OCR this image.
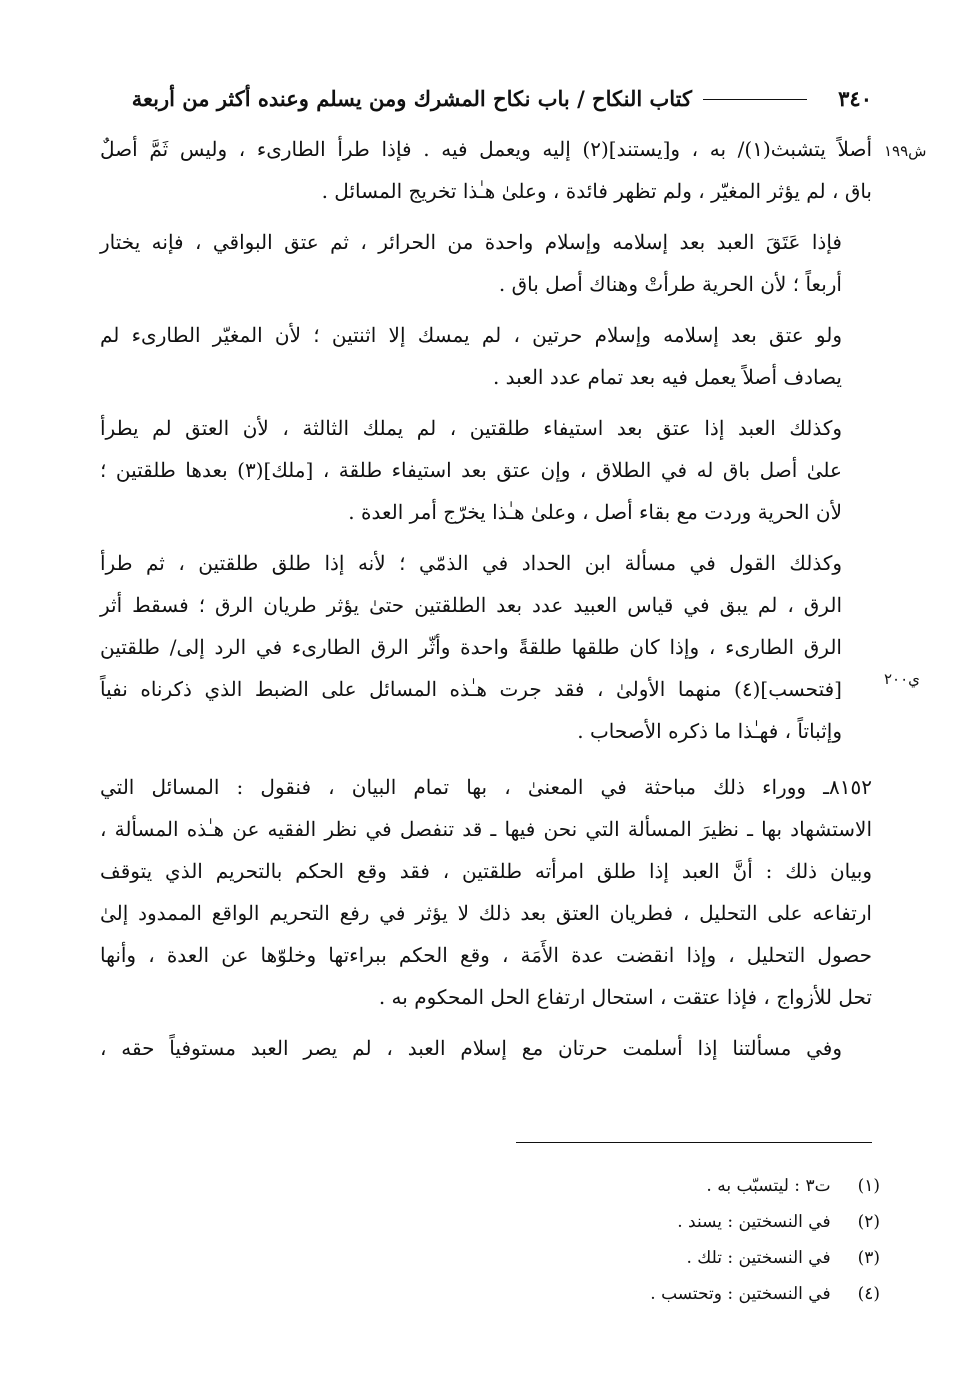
٣٤٠
كتاب النكاح / باب نكاح المشرك ومن يسلم وعنده أكثر من أربعة
ش١٩٩
ي٢٠٠

أصلاً يتشبث(١)/ به ، و[يستند](٢) إليه ويعمل فيه . فإذا طرأ الطارىء ، وليس ثَمَّ أصلٌ
باق ، لم يؤثر المغيّر ، ولم تظهر فائدة ، وعلىٰ هـٰذا تخريج المسائل .

فإذا عَتَقَ العبد بعد إسلامه وإسلام واحدة من الحرائر ، ثم عتق البواقي ، فإنه يختار
أربعاً ؛ لأن الحرية طرأتْ وهناك أصل باق .

ولو عتق بعد إسلامه وإسلام حرتين ، لم يمسك إلا اثنتين ؛ لأن المغيّر الطارىء لم
يصادف أصلاً يعمل فيه بعد تمام عدد العبد .

وكذلك العبد إذا عتق بعد استيفاء طلقتين ، لم يملك الثالثة ، لأن العتق لم يطرأ
علىٰ أصل باق له في الطلاق ، وإن عتق بعد استيفاء طلقة ، [ملك](٣) بعدها طلقتين ؛
لأن الحرية وردت مع بقاء أصل ، وعلىٰ هـٰذا يخرّج أمر العدة .

وكذلك القول في مسألة ابن الحداد في الذمّي ؛ لأنه إذا طلق طلقتين ، ثم طرأ
الرق ، لم يبق في قياس العبيد عدد بعد الطلقتين حتىٰ يؤثر طريان الرق ؛ فسقط أثر
الرق الطارىء ، وإذا كان طلقها طلقةً واحدة وأثّر الرق الطارىء في الرد إلى/ طلقتين
[فتحسب](٤) منهما الأولىٰ ، فقد جرت هـٰذه المسائل على الضبط الذي ذكرناه نفياً
وإثباتاً ، فهـٰذا ما ذكره الأصحاب .

٨١٥٢ـ ووراء ذلك مباحثة في المعنىٰ ، بها تمام البيان ، فنقول : المسائل التي
الاستشهاد بها ـ نظيرَ المسألة التي نحن فيها ـ قد تنفصل في نظر الفقيه عن هـٰذه المسألة ،
وبيان ذلك : أنَّ العبد إذا طلق امرأته طلقتين ، فقد وقع الحكم بالتحريم الذي يتوقف
ارتفاعه على التحليل ، فطريان العتق بعد ذلك لا يؤثر في رفع التحريم الواقع الممدود إلىٰ
حصول التحليل ، وإذا انقضت عدة الأَمَة ، وقع الحكم ببراءتها وخلوّها عن العدة ، وأنها
تحل للأزواج ، فإذا عتقت ، استحال ارتفاع الحل المحكوم به .

وفي مسألتنا إذا أسلمت حرتان مع إسلام العبد ، لم يصر العبد مستوفياً حقه ،

(١) ت٣ : ليتسبّب به .
(٢) في النسختين : يسند .
(٣) في النسختين : تلك .
(٤) في النسختين : وتحتسب .
